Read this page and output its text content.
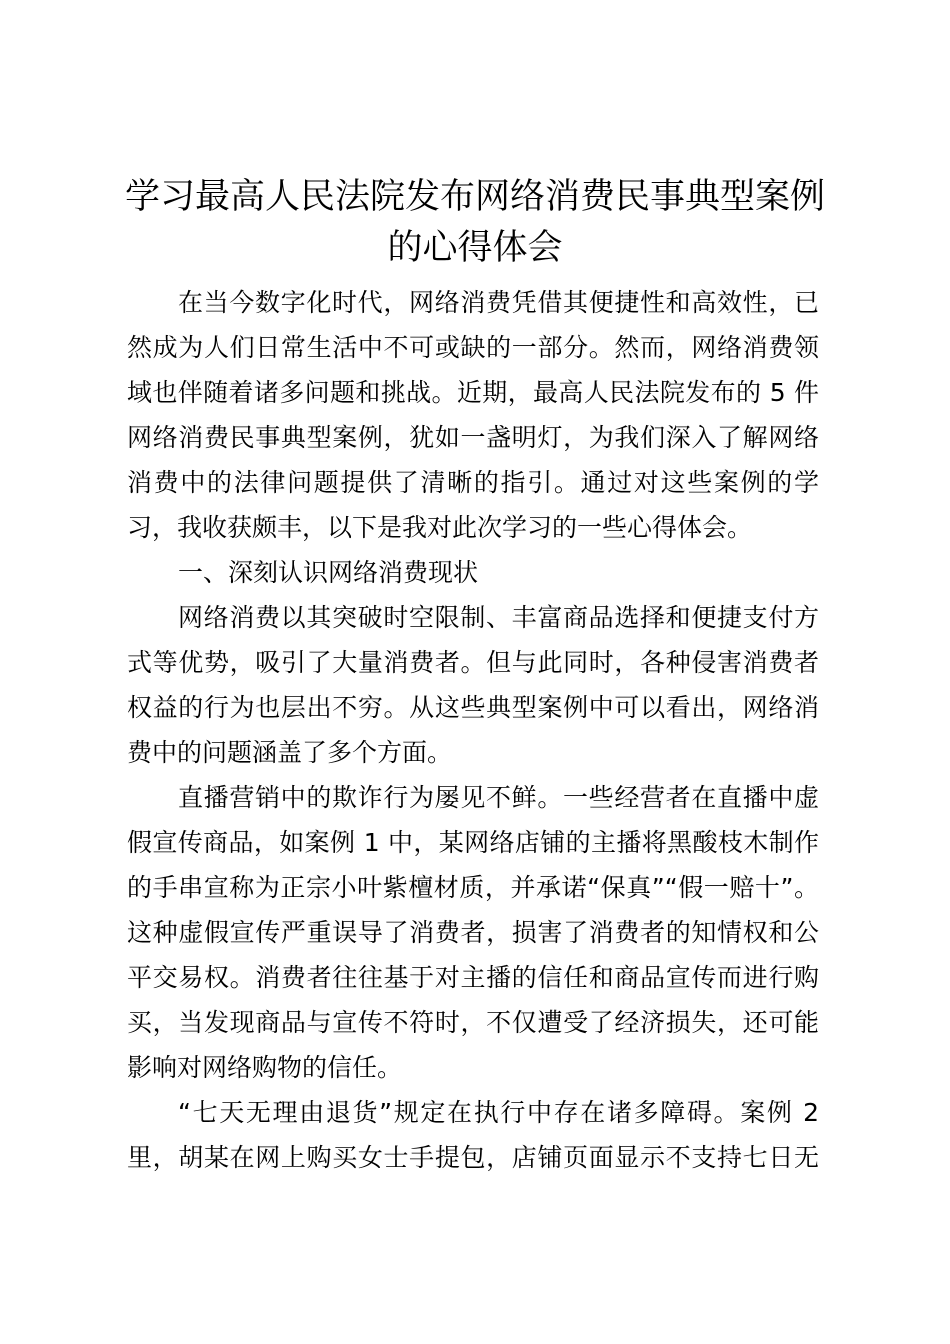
学习最高人民法院发布网络消费民事典型案例
的心得体会
在当今数字化时代，网络消费凭借其便捷性和高效性，已
然成为人们日常生活中不可或缺的一部分。然而，网络消费领
域也伴随着诸多问题和挑战。近期，最高人民法院发布的 5 件
网络消费民事典型案例，犹如一盏明灯，为我们深入了解网络
消费中的法律问题提供了清晰的指引。通过对这些案例的学
习，我收获颇丰，以下是我对此次学习的一些心得体会。
一、深刻认识网络消费现状
网络消费以其突破时空限制、丰富商品选择和便捷支付方
式等优势，吸引了大量消费者。但与此同时，各种侵害消费者
权益的行为也层出不穷。从这些典型案例中可以看出，网络消
费中的问题涵盖了多个方面。
直播营销中的欺诈行为屡见不鲜。一些经营者在直播中虚
假宣传商品，如案例 1 中，某网络店铺的主播将黑酸枝木制作
的手串宣称为正宗小叶紫檀材质，并承诺“保真”“假一赔十”。
这种虚假宣传严重误导了消费者，损害了消费者的知情权和公
平交易权。消费者往往基于对主播的信任和商品宣传而进行购
买，当发现商品与宣传不符时，不仅遭受了经济损失，还可能
影响对网络购物的信任。
“七天无理由退货”规定在执行中存在诸多障碍。案例 2
里，胡某在网上购买女士手提包，店铺页面显示不支持七日无
